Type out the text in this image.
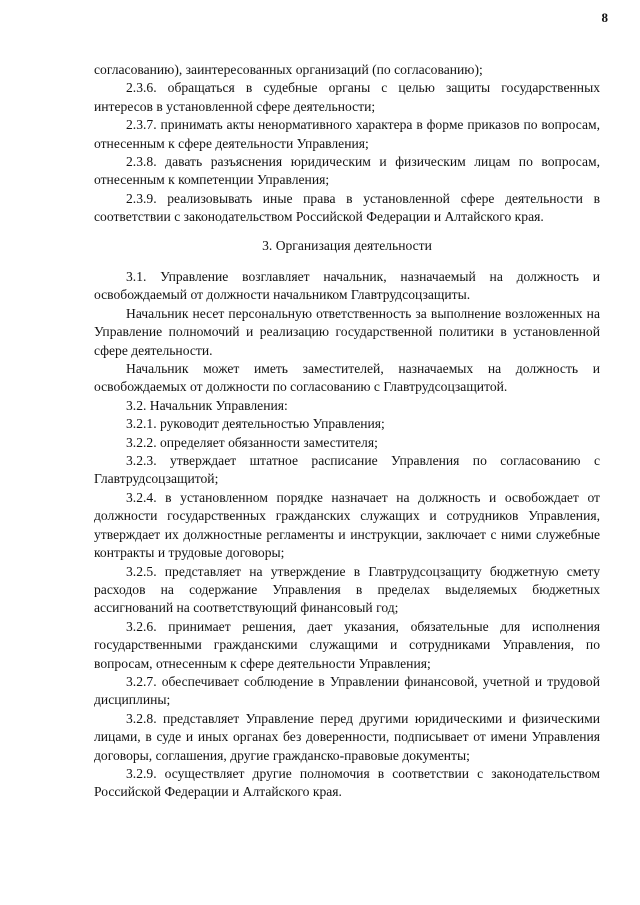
8

согласованию), заинтересованных организаций (по согласованию);

2.3.6. обращаться в судебные органы с целью защиты государственных интересов в установленной сфере деятельности;

2.3.7. принимать акты ненормативного характера в форме приказов по вопросам, отнесенным к сфере деятельности Управления;

2.3.8. давать разъяснения юридическим и физическим лицам по вопросам, отнесенным к компетенции Управления;

2.3.9. реализовывать иные права в установленной сфере деятельности в соответствии с законодательством Российской Федерации и Алтайского края.

3. Организация деятельности

3.1. Управление возглавляет начальник, назначаемый на должность и освобождаемый от должности начальником Главтрудсоцзащиты.

Начальник несет персональную ответственность за выполнение возложенных на Управление полномочий и реализацию государственной политики в установленной сфере деятельности.

Начальник может иметь заместителей, назначаемых на должность и освобождаемых от должности по согласованию с Главтрудсоцзащитой.

3.2. Начальник Управления:

3.2.1. руководит деятельностью Управления;

3.2.2. определяет обязанности заместителя;

3.2.3. утверждает штатное расписание Управления по согласованию с Главтрудсоцзащитой;

3.2.4. в установленном порядке назначает на должность и освобождает от должности государственных гражданских служащих и сотрудников Управления, утверждает их должностные регламенты и инструкции, заключает с ними служебные контракты и трудовые договоры;

3.2.5. представляет на утверждение в Главтрудсоцзащиту бюджетную смету расходов на содержание Управления в пределах выделяемых бюджетных ассигнований на соответствующий финансовый год;

3.2.6. принимает решения, дает указания, обязательные для исполнения государственными гражданскими служащими и сотрудниками Управления, по вопросам, отнесенным к сфере деятельности Управления;

3.2.7. обеспечивает соблюдение в Управлении финансовой, учетной и трудовой дисциплины;

3.2.8. представляет Управление перед другими юридическими и физическими лицами, в суде и иных органах без доверенности, подписывает от имени Управления договоры, соглашения, другие гражданско-правовые документы;

3.2.9. осуществляет другие полномочия в соответствии с законодательством Российской Федерации и Алтайского края.
